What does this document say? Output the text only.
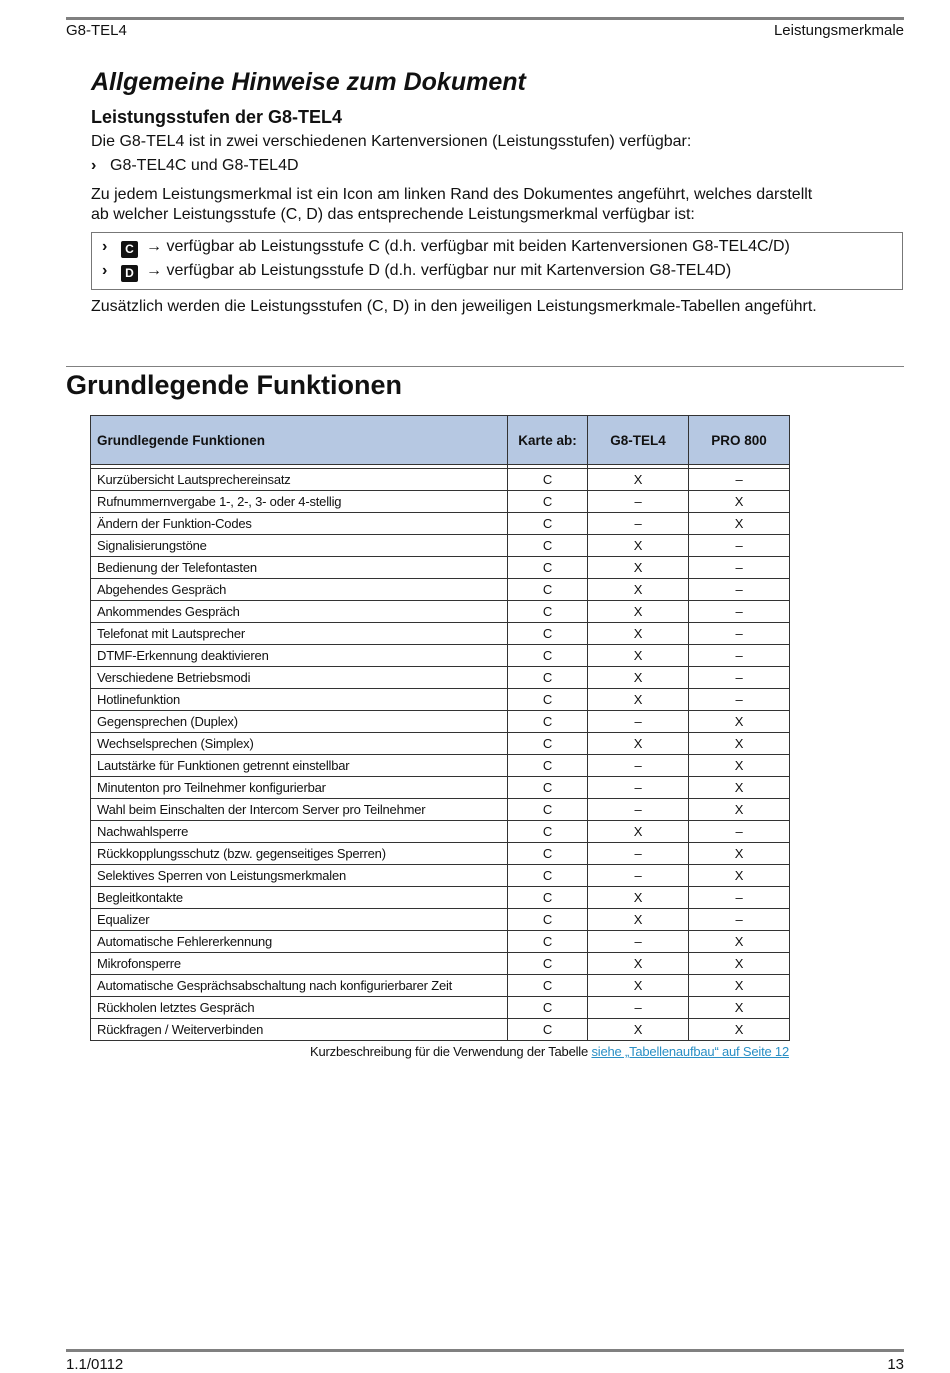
G8-TEL4	Leistungsmerkmale
Allgemeine Hinweise zum Dokument
Leistungsstufen der G8-TEL4
Die G8-TEL4 ist in zwei verschiedenen Kartenversionen (Leistungsstufen) verfügbar:
› G8-TEL4C und G8-TEL4D
Zu jedem Leistungsmerkmal ist ein Icon am linken Rand des Dokumentes angeführt, welches darstellt
ab welcher Leistungsstufe (C, D) das entsprechende Leistungsmerkmal verfügbar ist:
› C → verfügbar ab Leistungsstufe C (d.h. verfügbar mit beiden Kartenversionen G8-TEL4C/D)
› D → verfügbar ab Leistungsstufe D (d.h. verfügbar nur mit Kartenversion G8-TEL4D)
Zusätzlich werden die Leistungsstufen (C, D) in den jeweiligen Leistungsmerkmale-Tabellen angeführt.
Grundlegende Funktionen
Grundlegende Funktionen	Karte ab:	G8-TEL4	PRO 800

Kurzübersicht Lautsprechereinsatz	C	X	–
Rufnummernvergabe 1-, 2-, 3- oder 4-stellig	C	–	X
Ändern der Funktion-Codes	C	–	X
Signalisierungstöne	C	X	–
Bedienung der Telefontasten	C	X	–
Abgehendes Gespräch	C	X	–
Ankommendes Gespräch	C	X	–
Telefonat mit Lautsprecher	C	X	–
DTMF-Erkennung deaktivieren	C	X	–
Verschiedene Betriebsmodi	C	X	–
Hotlinefunktion	C	X	–
Gegensprechen (Duplex)	C	–	X
Wechselsprechen (Simplex)	C	X	X
Lautstärke für Funktionen getrennt einstellbar	C	–	X
Minutenton pro Teilnehmer konfigurierbar	C	–	X
Wahl beim Einschalten der Intercom Server pro Teilnehmer	C	–	X
Nachwahlsperre	C	X	–
Rückkopplungsschutz (bzw. gegenseitiges Sperren)	C	–	X
Selektives Sperren von Leistungsmerkmalen	C	–	X
Begleitkontakte	C	X	–
Equalizer	C	X	–
Automatische Fehlererkennung	C	–	X
Mikrofonsperre	C	X	X
Automatische Gesprächsabschaltung nach konfigurierbarer Zeit	C	X	X
Rückholen letztes Gespräch	C	–	X
Rückfragen / Weiterverbinden	C	X	X
Kurzbeschreibung für die Verwendung der Tabelle siehe „Tabellenaufbau“ auf Seite 12
1.1/0112	13
